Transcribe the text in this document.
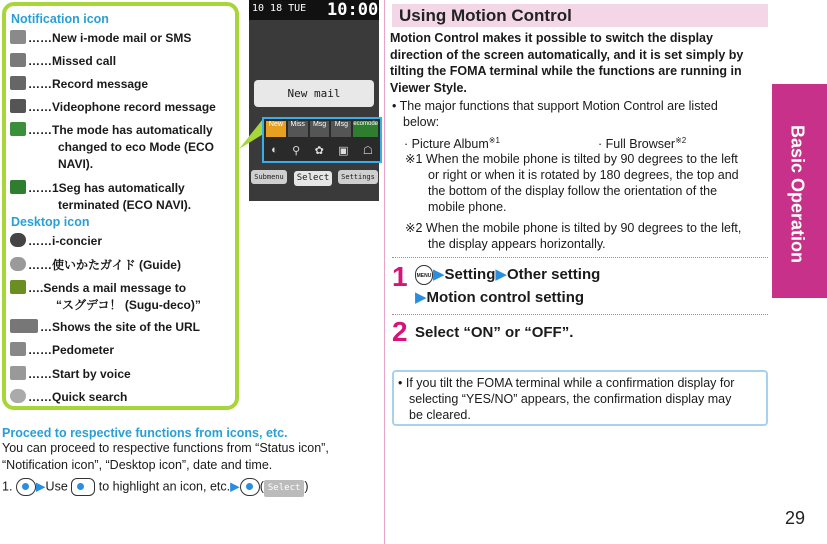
Notification icon
……New i-mode mail or SMS
……Missed call
……Record message
……Videophone record message
……The mode has automatically
changed to eco Mode (ECO
NAVI).
……1Seg has automatically
terminated (ECO NAVI).
Desktop icon
……i-concier
……使いかたガイド (Guide)
….Sends a mail message to
“スグデコ！ (Sugu-deco)”
…Shows the site of the URL
……Pedometer
……Start by voice
……Quick search
10 18 TUE 10:00
New mail
New	Miss	Msg	Msg ecomode
◐ ⚲ ✿ ▣ ☖
Submenu	Select	Settings
Proceed to respective functions from icons, etc.
You can proceed to respective functions from “Status icon”,
“Notification icon”, “Desktop icon”, date and time.
1. ▶Use to highlight an icon, etc.▶ ( Select )
Using Motion Control
Motion Control makes it possible to switch the display
direction of the screen automatically, and it is set simply by
tilting the FOMA terminal while the functions are running in
Viewer Style.
• The major functions that support Motion Control are listed
below:
· Picture Album$^{※1}$	· Full Browser$^{※2}$
※1 When the mobile phone is tilted by 90 degrees to the left
or right or when it is rotated by 180 degrees, the top and
the bottom of the display follow the orientation of the
mobile phone.
※2 When the mobile phone is tilted by 90 degrees to the left,
the display appears horizontally.
1	MENU ▶Setting▶Other setting
▶Motion control setting
2 Select “ON” or “OFF”.
• If you tilt the FOMA terminal while a confirmation display for
selecting “YES/NO” appears, the confirmation display may
be cleared.
Basic Operation
29
